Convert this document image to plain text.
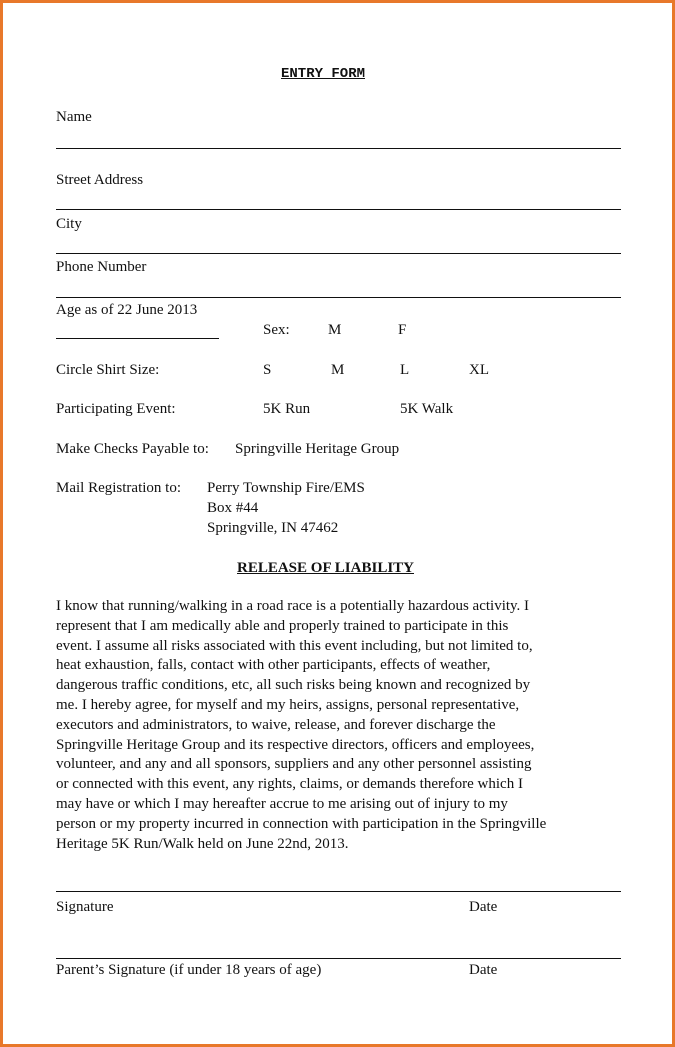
ENTRY FORM
Name
Street Address
City
Phone Number
Age as of 22 June 2013
Sex:	M	F
Circle Shirt Size:	S	M	L	XL
Participating Event:	5K Run	5K Walk
Make Checks Payable to: Springville Heritage Group
Mail Registration to: Perry Township Fire/EMS
Box #44
Springville, IN 47462
RELEASE OF LIABILITY
I know that running/walking in a road race is a potentially hazardous activity. I
represent that I am medically able and properly trained to participate in this
event. I assume all risks associated with this event including, but not limited to,
heat exhaustion, falls, contact with other participants, effects of weather,
dangerous traffic conditions, etc, all such risks being known and recognized by
me. I hereby agree, for myself and my heirs, assigns, personal representative,
executors and administrators, to waive, release, and forever discharge the
Springville Heritage Group and its respective directors, officers and employees,
volunteer, and any and all sponsors, suppliers and any other personnel assisting
or connected with this event, any rights, claims, or demands therefore which I
may have or which I may hereafter accrue to me arising out of injury to my
person or my property incurred in connection with participation in the Springville
Heritage 5K Run/Walk held on June 22nd, 2013.
Signature	Date
Parent’s Signature (if under 18 years of age)	Date
